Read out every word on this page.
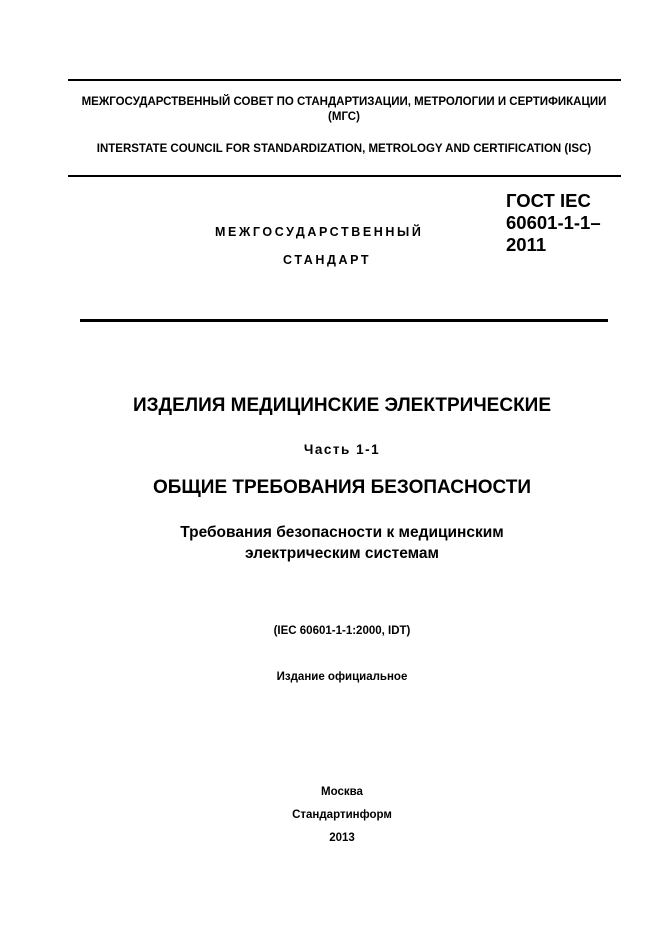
МЕЖГОСУДАРСТВЕННЫЙ СОВЕТ ПО СТАНДАРТИЗАЦИИ, МЕТРОЛОГИИ И СЕРТИФИКАЦИИ (МГС)
INTERSTATE COUNCIL FOR STANDARDIZATION, METROLOGY AND CERTIFICATION (ISC)
МЕЖГОСУДАРСТВЕННЫЙ
СТАНДАРТ
ГОСТ IEC 60601-1-1–2011
ИЗДЕЛИЯ МЕДИЦИНСКИЕ ЭЛЕКТРИЧЕСКИЕ
Часть 1-1
ОБЩИЕ ТРЕБОВАНИЯ БЕЗОПАСНОСТИ
Требования безопасности к медицинским электрическим системам
(IEC 60601-1-1:2000, IDT)
Издание официальное
Москва
Стандартинформ
2013
